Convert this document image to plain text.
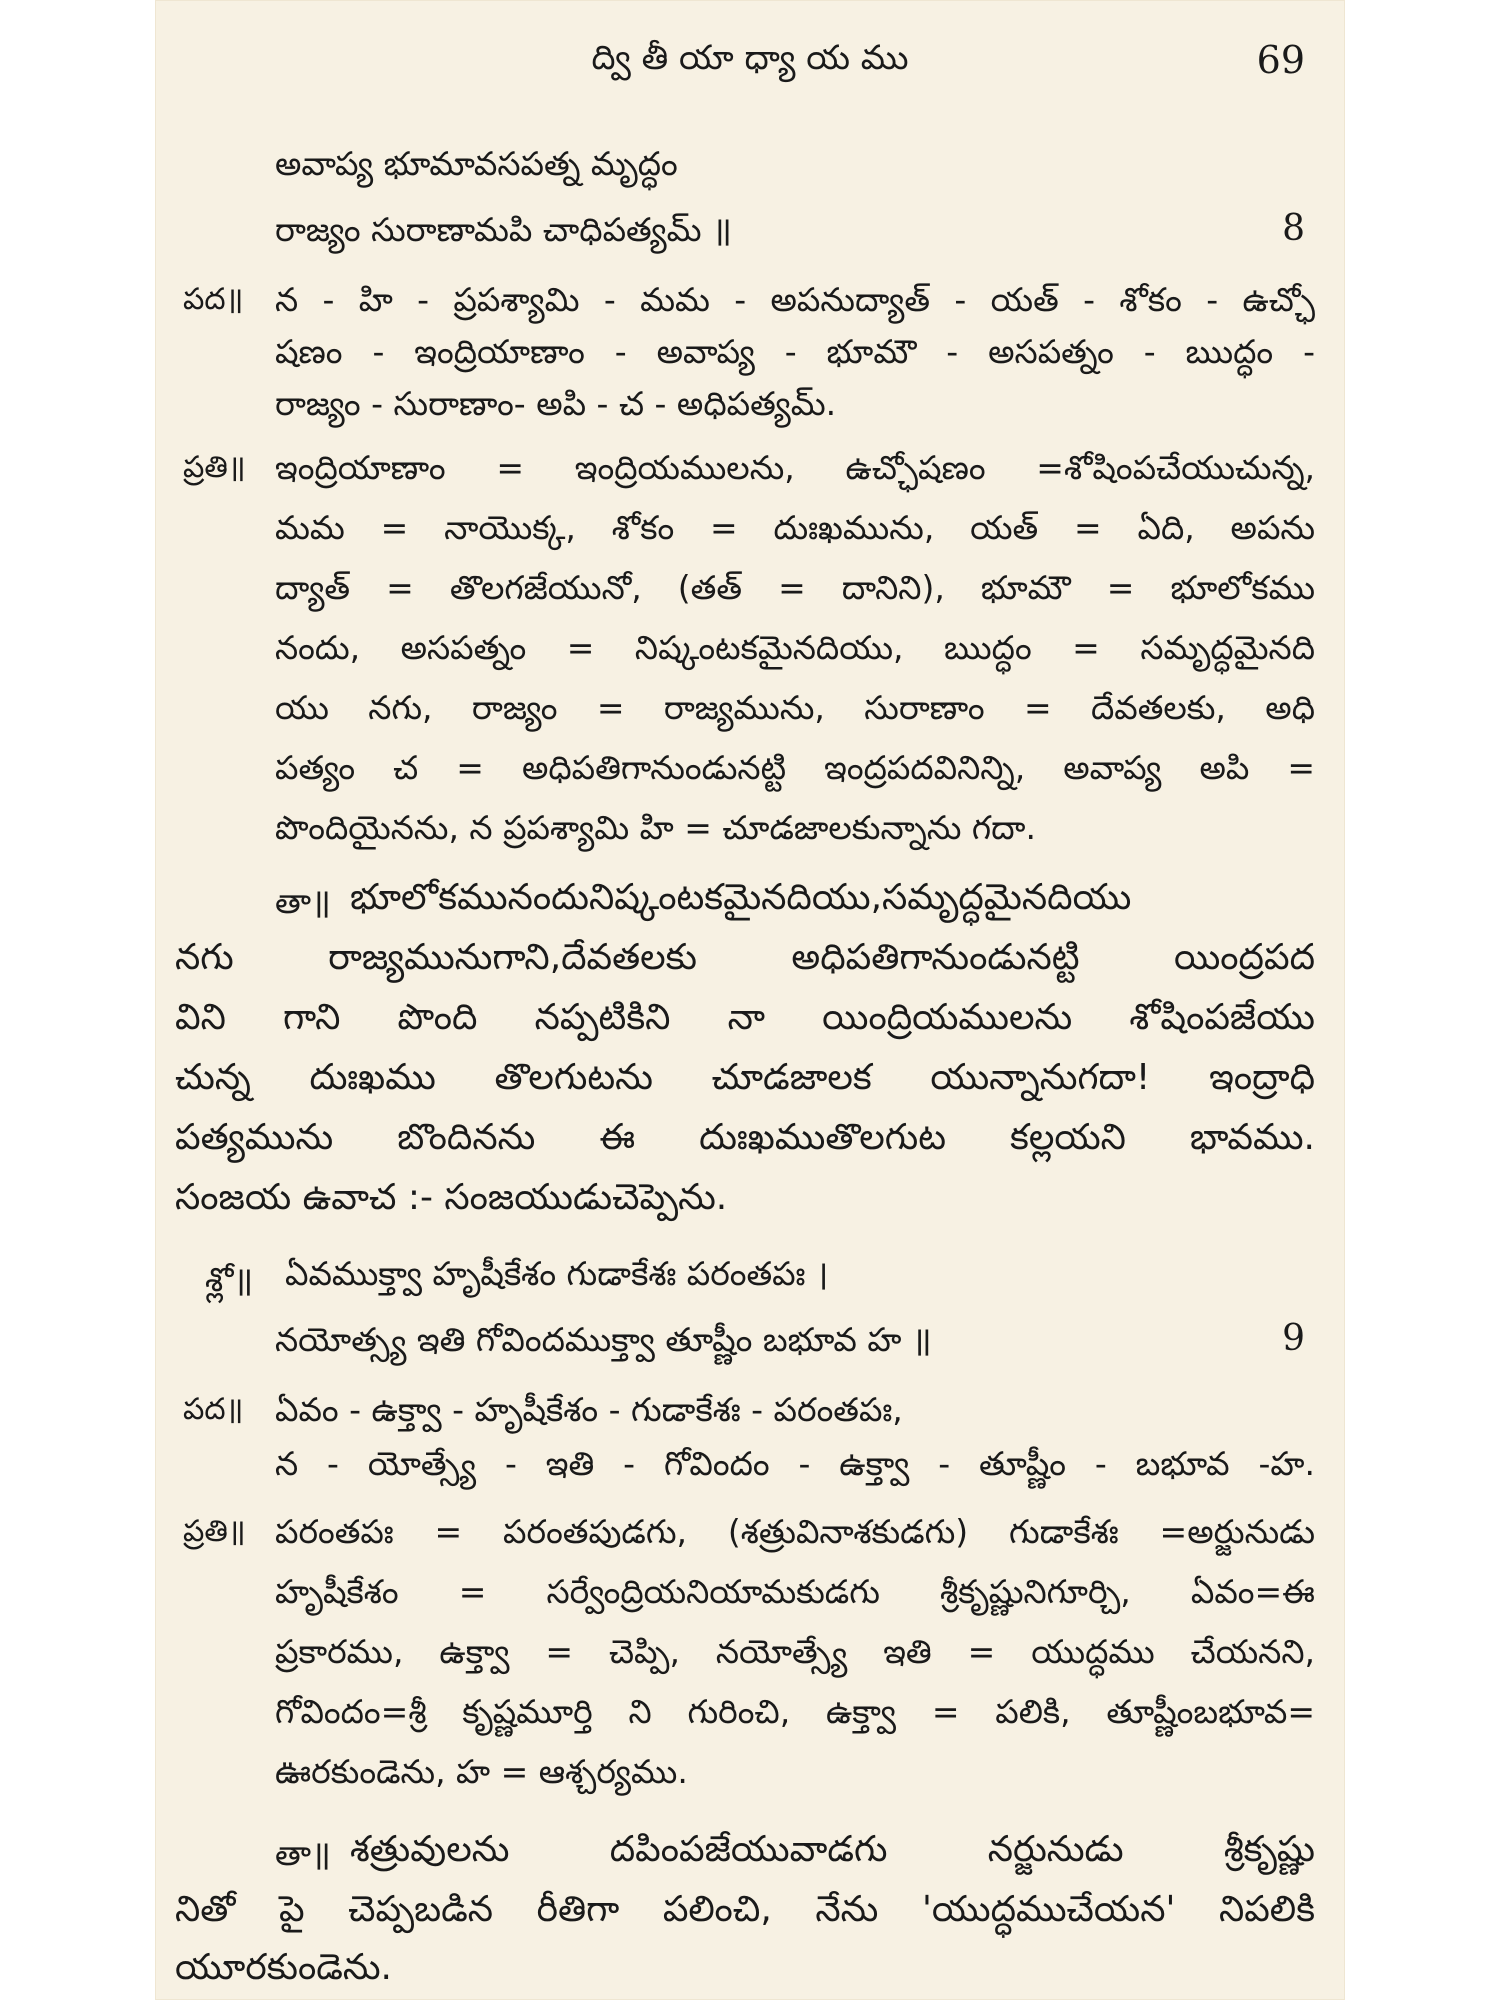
ద్వి తీ యా ధ్యా య ము	69
అవాప్య భూమావసపత్న మృద్ధం
రాజ్యం సురాణామపి చాధిపత్యమ్ ॥	8
పద॥ న - హి - ప్రపశ్యామి - మమ - అపనుద్యాత్ - యత్ - శోకం - ఉచ్ఛో
షణం - ఇంద్రియాణాం - అవాప్య - భూమౌ - అసపత్నం - ఋద్ధం -
రాజ్యం - సురాణాం- అపి - చ - అధిపత్యమ్.
ప్రతి॥ ఇంద్రియాణాం = ఇంద్రియములను, ఉచ్ఛోషణం =శోషింపచేయుచున్న,
మమ = నాయొక్క, శోకం = దుఃఖమును, యత్ = ఏది, అపను
ద్యాత్ = తొలగజేయునో, (తత్ = దానిని), భూమౌ = భూలోకము
నందు, అసపత్నం = నిష్కంటకమైనదియు, ఋద్ధం = సమృద్ధమైనది
యు నగు, రాజ్యం = రాజ్యమును, సురాణాం = దేవతలకు, అధి
పత్యం చ = అధిపతిగానుండునట్టి ఇంద్రపదవినిన్ని, అవాప్య అపి =
పొందియైనను, న ప్రపశ్యామి హి = చూడజాలకున్నాను గదా.
తా॥ భూలోకమునందునిష్కంటకమైనదియు,సమృద్ధమైనదియు
నగు రాజ్యమునుగాని,దేవతలకు అధిపతిగానుండునట్టి యింద్రపద
విని గాని పొంది నప్పటికిని నా యింద్రియములను శోషింపజేయు
చున్న దుఃఖము తొలగుటను చూడజాలక యున్నానుగదా! ఇంద్రాధి
పత్యమును బొందినను ఈ దుఃఖముతొలగుట కల్లయని భావము.
సంజయ ఉవాచ :- సంజయుడుచెప్పెను.
శ్లో॥ ఏవముక్త్వా హృషీకేశం గుడాకేశః పరంతపః ।
నయోత్స్య ఇతి గోవిందముక్త్వా తూష్ణీం బభూవ హ ॥	9
పద॥ ఏవం - ఉక్త్వా - హృషీకేశం - గుడాకేశః - పరంతపః,
న - యోత్స్యే - ఇతి - గోవిందం - ఉక్త్వా - తూష్ణీం - బభూవ -హ.
ప్రతి॥ పరంతపః = పరంతపుడగు, (శత్రువినాశకుడగు) గుడాకేశః =అర్జునుడు
హృషీకేశం = సర్వేంద్రియనియామకుడగు శ్రీకృష్ణునిగూర్చి, ఏవం=ఈ
ప్రకారము, ఉక్త్వా = చెప్పి, నయోత్స్యే ఇతి = యుద్ధము చేయనని,
గోవిందం=శ్రీ కృష్ణమూర్తి ని గురించి, ఉక్త్వా = పలికి, తూష్ణీంబభూవ=
ఊరకుండెను, హ = ఆశ్చర్యము.
తా॥ శత్రువులను దపింపజేయువాడగు నర్జునుడు శ్రీకృష్ణు
నితో పై చెప్పబడిన రీతిగా పలించి, నేను 'యుద్ధముచేయన' నిపలికి
యూరకుండెను.
